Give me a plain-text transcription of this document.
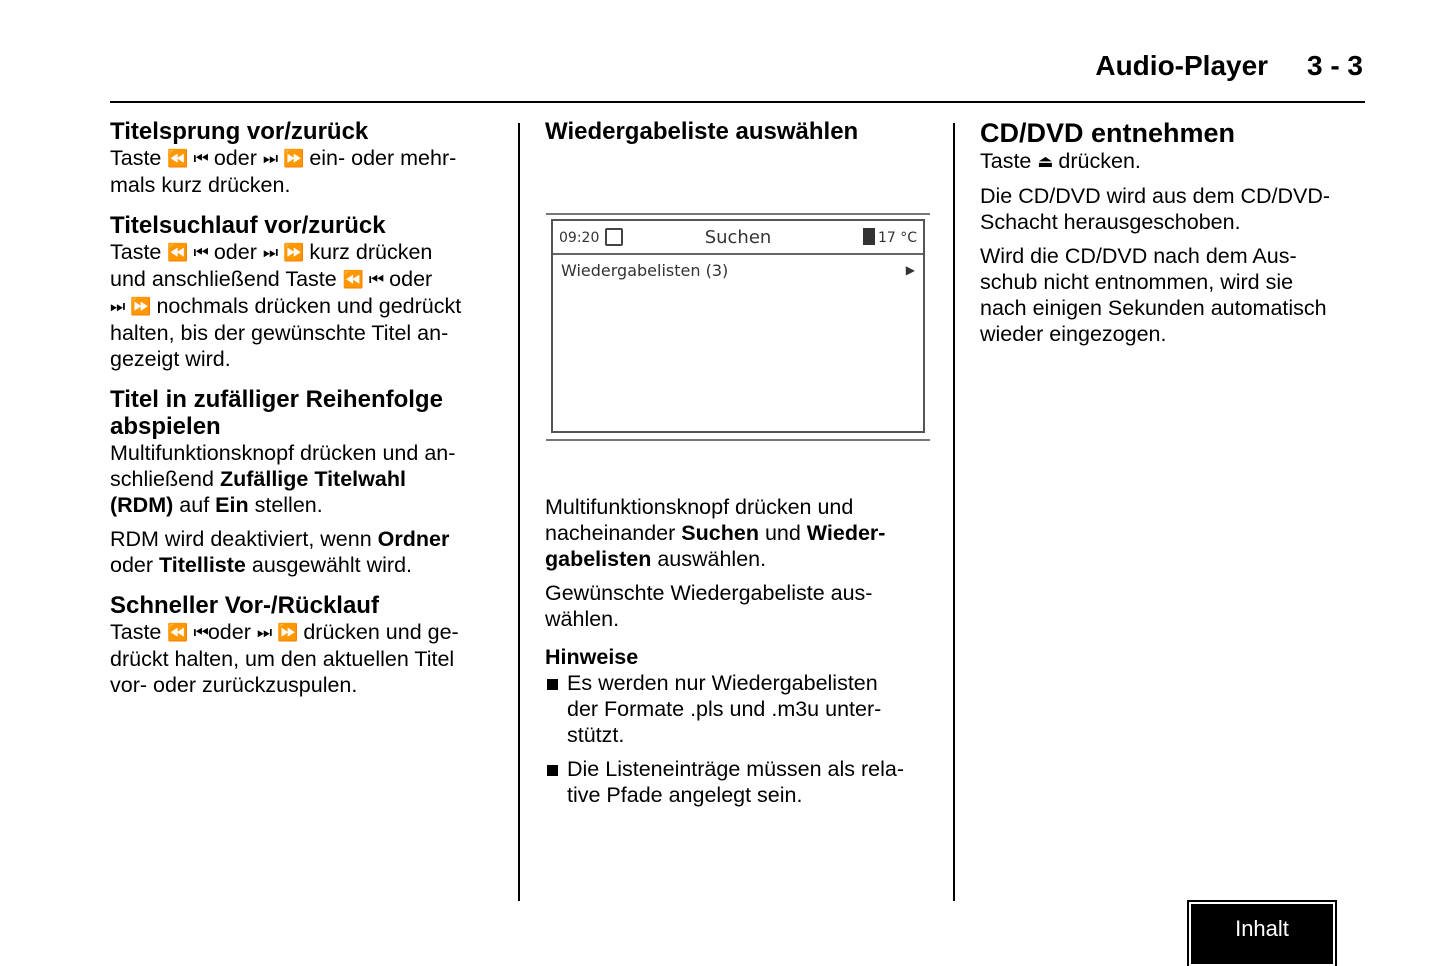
Audio-Player 3 - 3
Titelsprung vor/zurück
Taste ⏪ ⏮ oder ⏭ ⏩ ein- oder mehr-
mals kurz drücken.
Titelsuchlauf vor/zurück
Taste ⏪ ⏮ oder ⏭ ⏩ kurz drücken
und anschließend Taste ⏪ ⏮ oder
⏭ ⏩ nochmals drücken und gedrückt
halten, bis der gewünschte Titel an-
gezeigt wird.
Titel in zufälliger Reihenfolge
abspielen
Multifunktionsknopf drücken und an-
schließend Zufällige Titelwahl

(RDM) auf Ein stellen.

RDM wird deaktiviert, wenn Ordner
oder Titelliste ausgewählt wird.
Schneller Vor-/Rücklauf
Taste ⏪ ⏮oder ⏭ ⏩ drücken und ge-
drückt halten, um den aktuellen Titel
vor- oder zurückzuspulen.
Wiedergabeliste auswählen
09:20	Suchen	17 °C
Wiedergabelisten (3)	▶
Multifunktionsknopf drücken und
nacheinander Suchen und Wieder-

gabelisten auswählen.

Gewünschte Wiedergabeliste aus-

wählen.

Hinweise
Es werden nur Wiedergabelisten
der Formate .pls und .m3u unter-
stützt.
Die Listeneinträge müssen als rela-
tive Pfade angelegt sein.
CD/DVD entnehmen

Taste ⏏ drücken.

Die CD/DVD wird aus dem CD/DVD-

Schacht herausgeschoben.

Wird die CD/DVD nach dem Aus-
schub nicht entnommen, wird sie
nach einigen Sekunden automatisch
wieder eingezogen.
Inhalt
